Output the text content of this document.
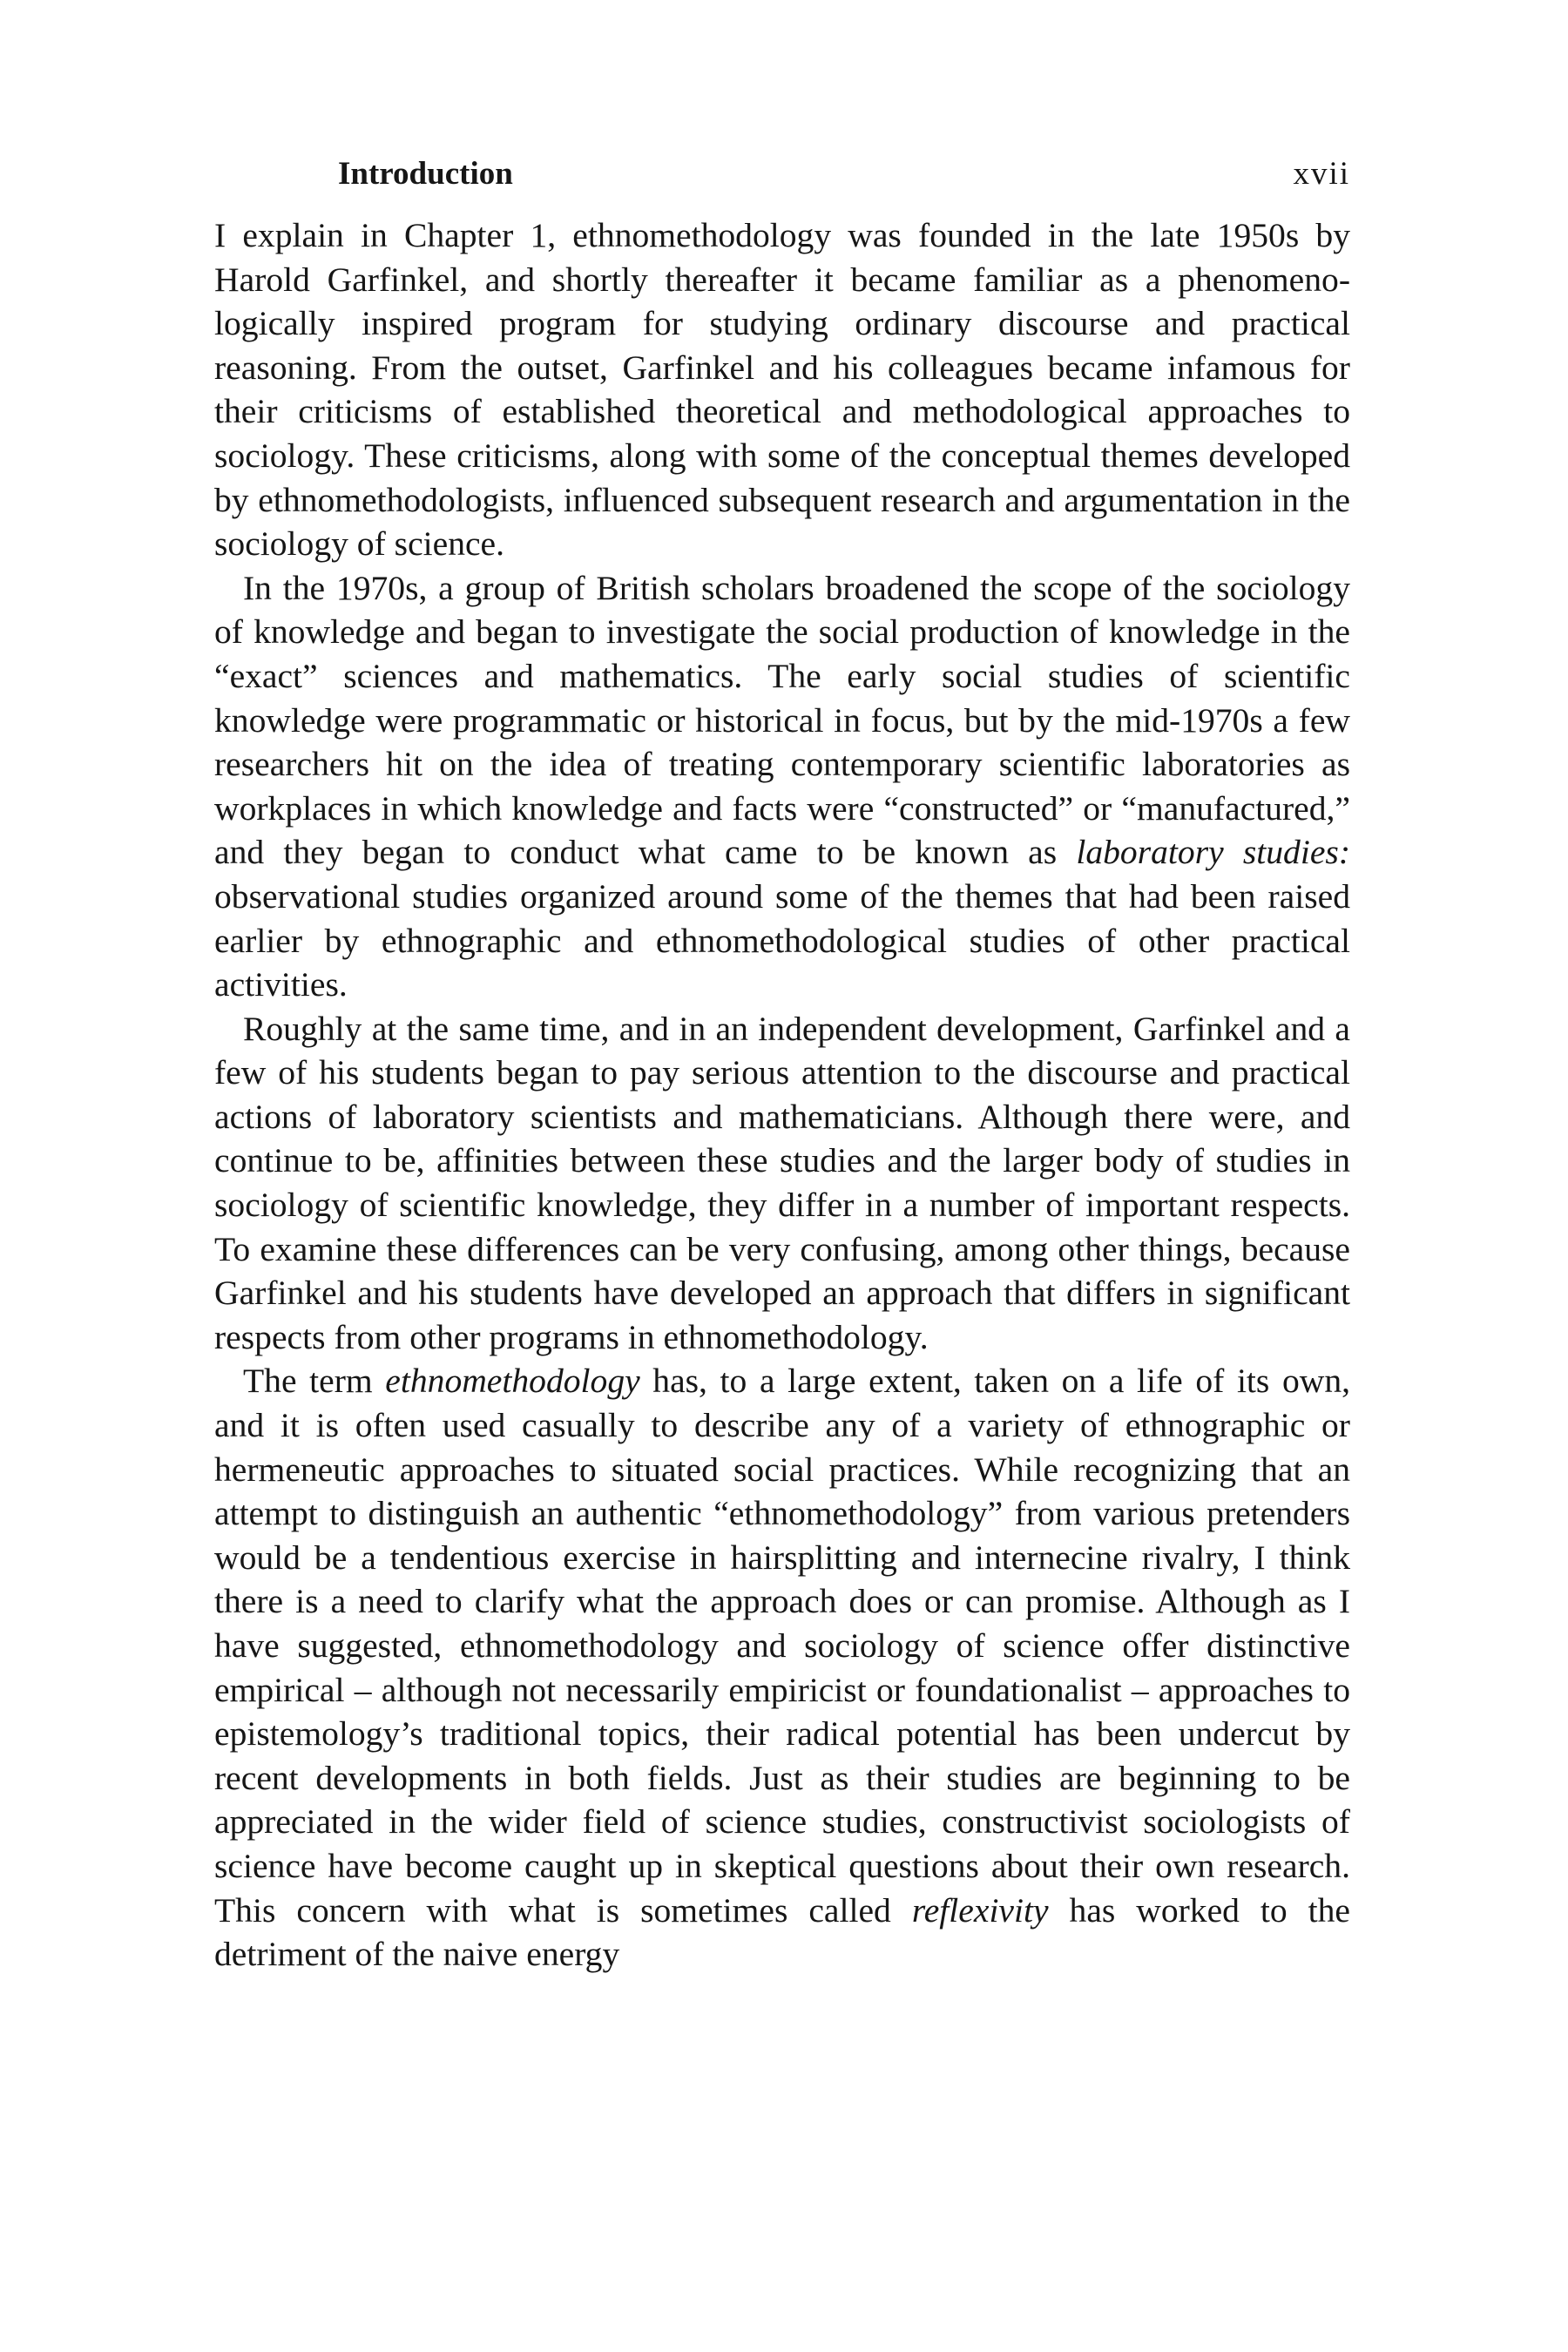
Introduction	xvii

I explain in Chapter 1, ethnomethodology was founded in the late 1950s by Harold Garfinkel, and shortly thereafter it became familiar as a phenomenologically inspired program for studying ordinary discourse and practical reasoning. From the outset, Garfinkel and his colleagues became infamous for their criticisms of established theoretical and methodological approaches to sociology. These criticisms, along with some of the conceptual themes developed by ethnomethodologists, influenced subsequent research and argumentation in the sociology of science.

In the 1970s, a group of British scholars broadened the scope of the sociology of knowledge and began to investigate the social production of knowledge in the “exact” sciences and mathematics. The early social studies of scientific knowledge were programmatic or historical in focus, but by the mid-1970s a few researchers hit on the idea of treating contemporary scientific laboratories as workplaces in which knowledge and facts were “constructed” or “manufactured,” and they began to conduct what came to be known as laboratory studies: observational studies organized around some of the themes that had been raised earlier by ethnographic and ethnomethodological studies of other practical activities.

Roughly at the same time, and in an independent development, Garfinkel and a few of his students began to pay serious attention to the discourse and practical actions of laboratory scientists and mathematicians. Although there were, and continue to be, affinities between these studies and the larger body of studies in sociology of scientific knowledge, they differ in a number of important respects. To examine these differences can be very confusing, among other things, because Garfinkel and his students have developed an approach that differs in significant respects from other programs in ethnomethodology.

The term ethnomethodology has, to a large extent, taken on a life of its own, and it is often used casually to describe any of a variety of ethnographic or hermeneutic approaches to situated social practices. While recognizing that an attempt to distinguish an authentic “ethnomethodology” from various pretenders would be a tendentious exercise in hairsplitting and internecine rivalry, I think there is a need to clarify what the approach does or can promise. Although as I have suggested, ethnomethodology and sociology of science offer distinctive empirical – although not necessarily empiricist or foundationalist – approaches to epistemology’s traditional topics, their radical potential has been undercut by recent developments in both fields. Just as their studies are beginning to be appreciated in the wider field of science studies, constructivist sociologists of science have become caught up in skeptical questions about their own research. This concern with what is sometimes called reflexivity has worked to the detriment of the naive energy
